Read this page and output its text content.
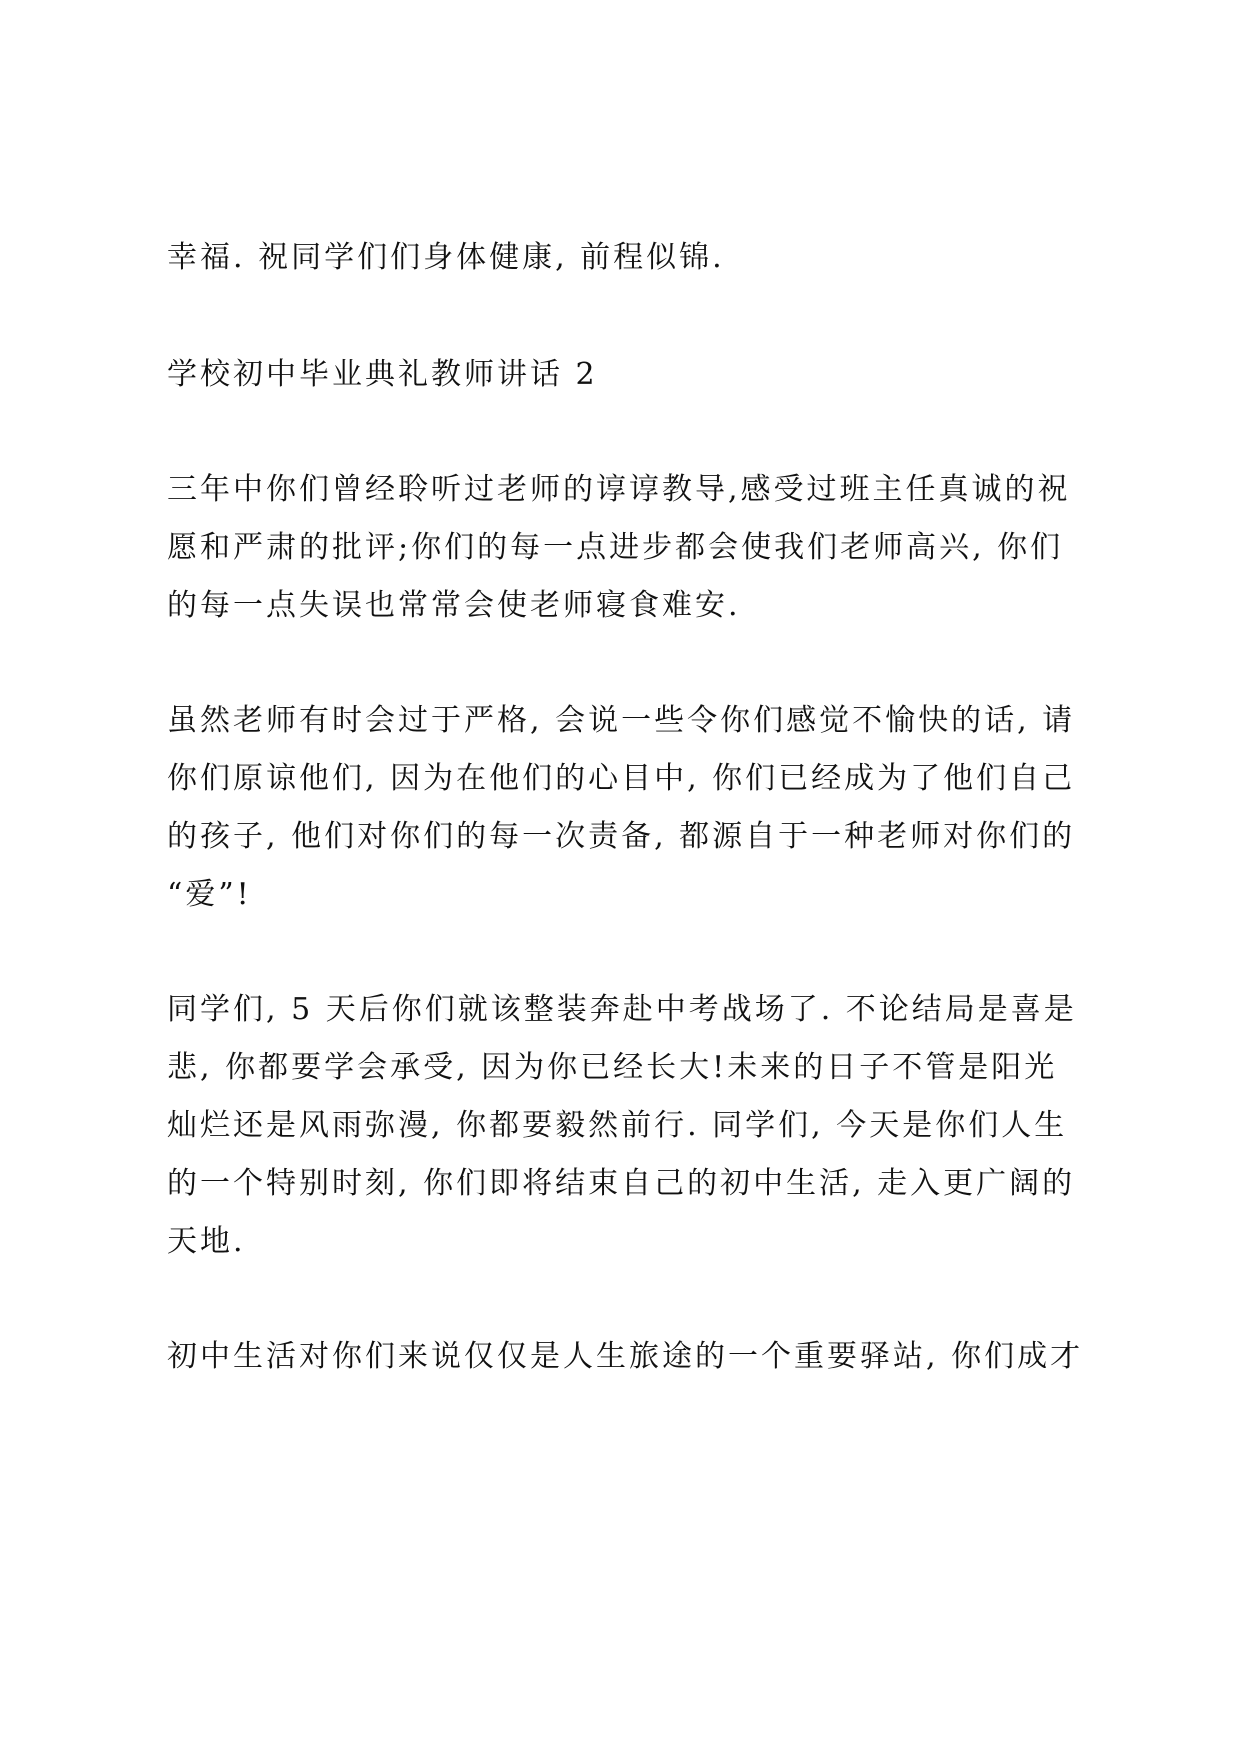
幸福. 祝同学们们身体健康, 前程似锦.

学校初中毕业典礼教师讲话 2

三年中你们曾经聆听过老师的谆谆教导,感受过班主任真诚的祝

愿和严肃的批评;你们的每一点进步都会使我们老师高兴, 你们

的每一点失误也常常会使老师寝食难安.

虽然老师有时会过于严格, 会说一些令你们感觉不愉快的话, 请

你们原谅他们, 因为在他们的心目中, 你们已经成为了他们自己

的孩子, 他们对你们的每一次责备, 都源自于一种老师对你们的

“爱”!

同学们, 5 天后你们就该整装奔赴中考战场了. 不论结局是喜是

悲, 你都要学会承受, 因为你已经长大!未来的日子不管是阳光

灿烂还是风雨弥漫, 你都要毅然前行. 同学们, 今天是你们人生

的一个特别时刻, 你们即将结束自己的初中生活, 走入更广阔的

天地.

初中生活对你们来说仅仅是人生旅途的一个重要驿站, 你们成才
